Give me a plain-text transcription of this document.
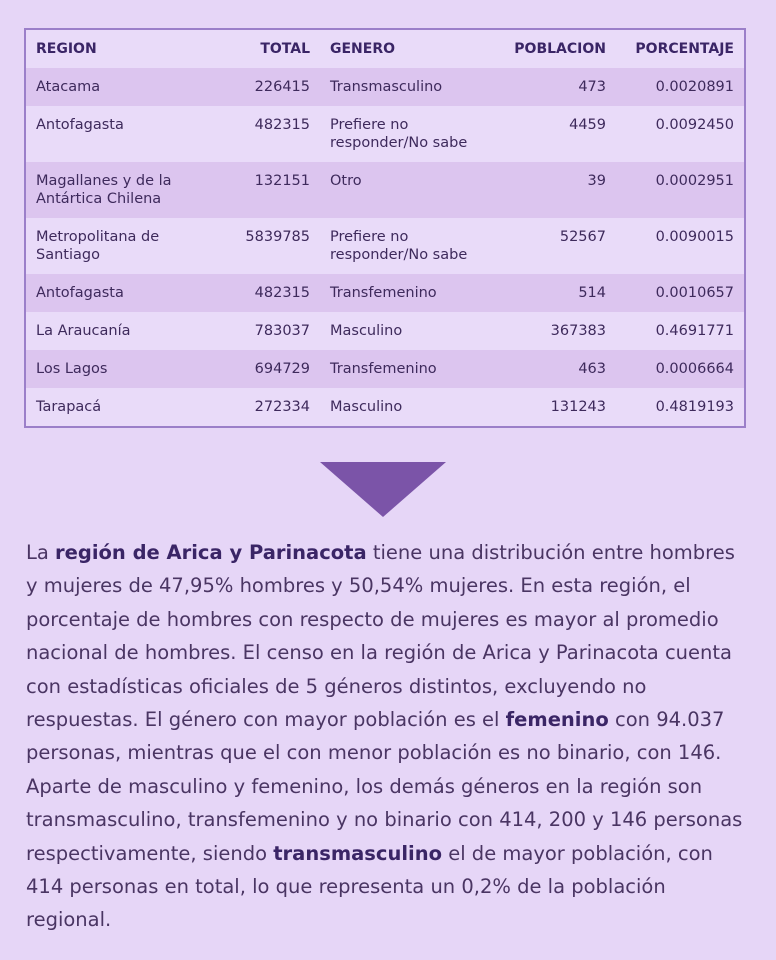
REGION	TOTAL	GENERO	POBLACION	PORCENTAJE
Atacama	226415	Transmasculino	473	0.0020891
Antofagasta	482315	Prefiere no responder/No sabe	4459	0.0092450
Magallanes y de la Antártica Chilena	132151	Otro	39	0.0002951
Metropolitana de Santiago	5839785	Prefiere no responder/No sabe	52567	0.0090015
Antofagasta	482315	Transfemenino	514	0.0010657
La Araucanía	783037	Masculino	367383	0.4691771
Los Lagos	694729	Transfemenino	463	0.0006664
Tarapacá	272334	Masculino	131243	0.4819193

La región de Arica y Parinacota tiene una distribución entre hombres y mujeres de 47,95% hombres y 50,54% mujeres. En esta región, el porcentaje de hombres con respecto de mujeres es mayor al promedio nacional de hombres. El censo en la región de Arica y Parinacota cuenta con estadísticas oficiales de 5 géneros distintos, excluyendo no respuestas. El género con mayor población es el femenino con 94.037 personas, mientras que el con menor población es no binario, con 146. Aparte de masculino y femenino, los demás géneros en la región son transmasculino, transfemenino y no binario con 414, 200 y 146 personas respectivamente, siendo transmasculino el de mayor población, con 414 personas en total, lo que representa un 0,2% de la población regional.
